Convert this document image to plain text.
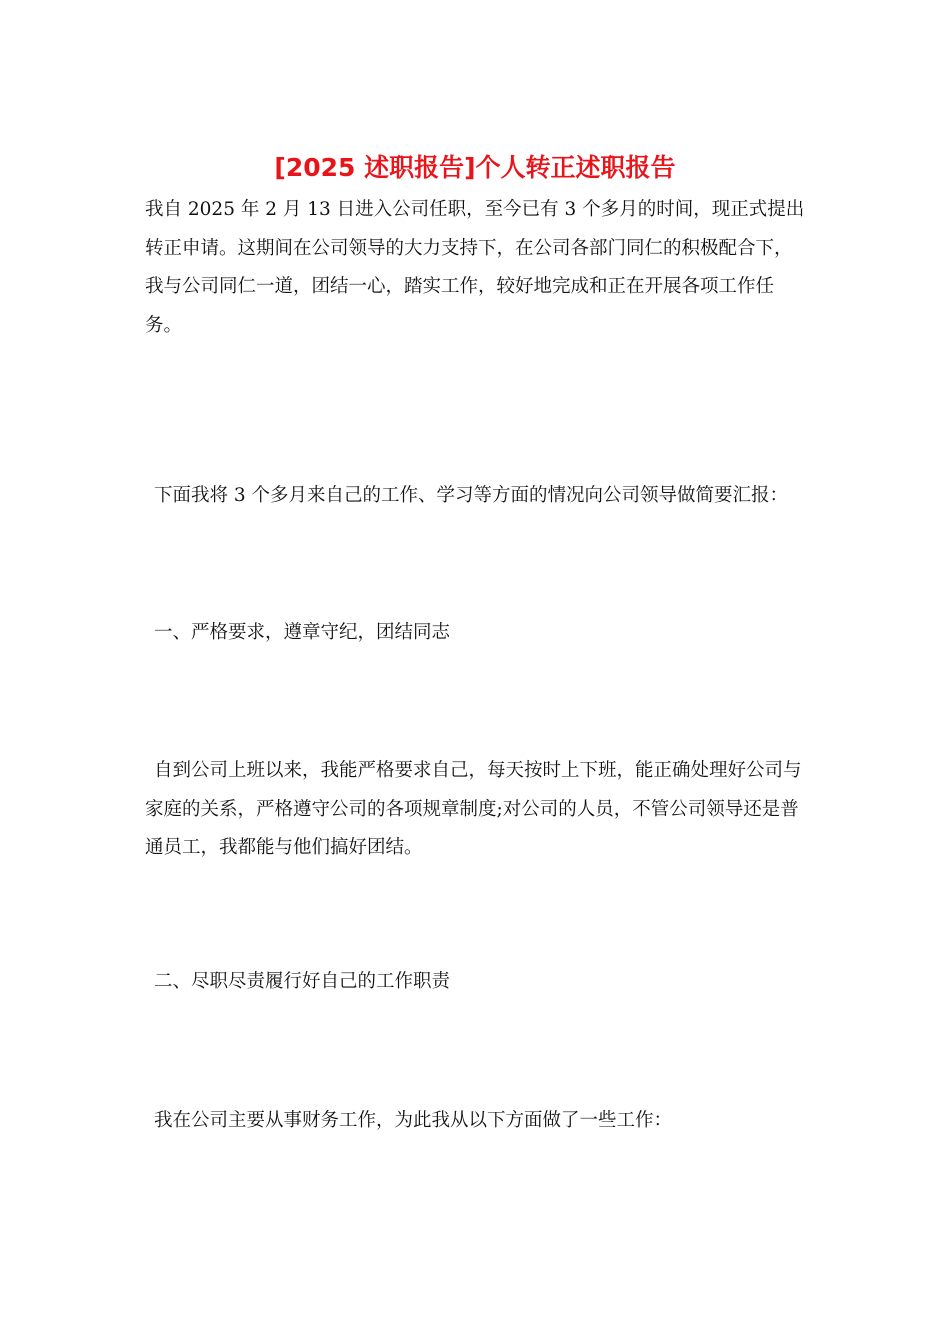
[2025 述职报告]个人转正述职报告

我自 2025 年 2 月 13 日进入公司任职，至今已有 3 个多月的时间，现正式提出转正申请。这期间在公司领导的大力支持下，在公司各部门同仁的积极配合下，我与公司同仁一道，团结一心，踏实工作，较好地完成和正在开展各项工作任务。

下面我将 3 个多月来自己的工作、学习等方面的情况向公司领导做简要汇报：

一、严格要求，遵章守纪，团结同志

自到公司上班以来，我能严格要求自己，每天按时上下班，能正确处理好公司与家庭的关系，严格遵守公司的各项规章制度;对公司的人员，不管公司领导还是普通员工，我都能与他们搞好团结。

二、尽职尽责履行好自己的工作职责

我在公司主要从事财务工作，为此我从以下方面做了一些工作：
